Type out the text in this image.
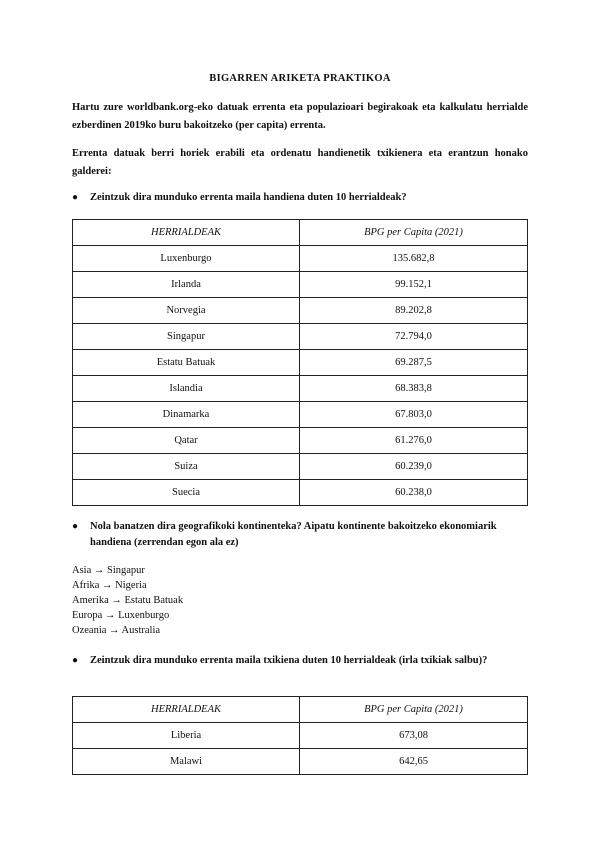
BIGARREN ARIKETA PRAKTIKOA
Hartu zure worldbank.org-eko datuak errenta eta populazioari begirakoak eta kalkulatu herrialde ezberdinen 2019ko buru bakoitzeko (per capita) errenta.
Errenta datuak berri horiek erabili eta ordenatu handienetik txikienera eta erantzun honako galderei:
● Zeintzuk dira munduko errenta maila handiena duten 10 herrialdeak?
HERRIALDEAK	BPG per Capita (2021)
Luxenburgo	135.682,8
Irlanda	99.152,1
Norvegia	89.202,8
Singapur	72.794,0
Estatu Batuak	69.287,5
Islandia	68.383,8
Dinamarka	67.803,0
Qatar	61.276,0
Suiza	60.239,0
Suecia	60.238,0
● Nola banatzen dira geografikoki kontinenteka? Aipatu kontinente bakoitzeko ekonomiarik handiena (zerrendan egon ala ez)
Asia → Singapur
Afrika → Nigeria
Amerika → Estatu Batuak
Europa → Luxenburgo
Ozeania → Australia
● Zeintzuk dira munduko errenta maila txikiena duten 10 herrialdeak (irla txikiak salbu)?
HERRIALDEAK	BPG per Capita (2021)
Liberia	673,08
Malawi	642,65
